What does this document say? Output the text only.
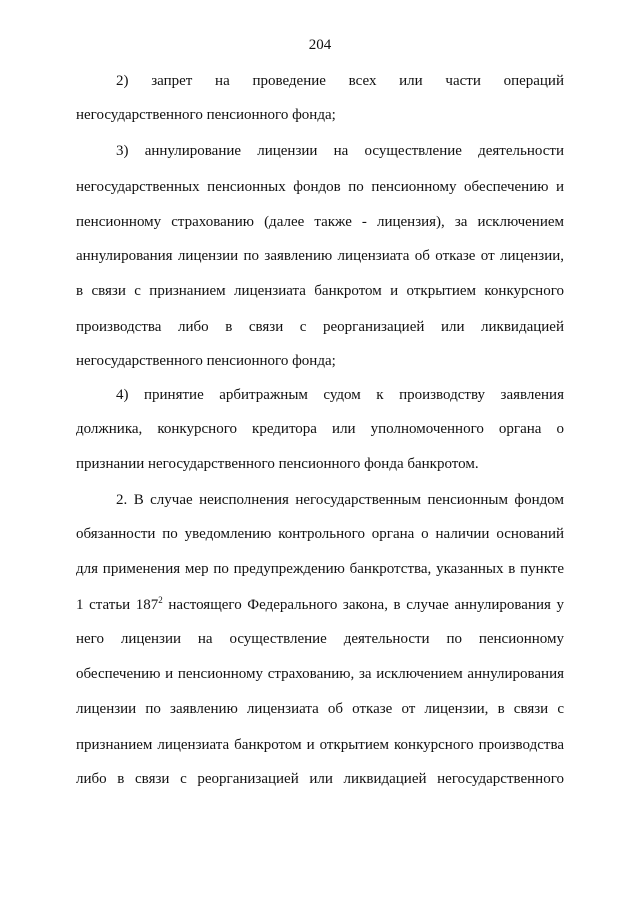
204
2) запрет на проведение всех или части операций
негосударственного пенсионного фонда;
3) аннулирование лицензии на осуществление деятельности
негосударственных пенсионных фондов по пенсионному обеспечению и
пенсионному страхованию (далее также - лицензия), за исключением
аннулирования лицензии по заявлению лицензиата об отказе от лицензии,
в связи с признанием лицензиата банкротом и открытием конкурсного
производства либо в связи с реорганизацией или ликвидацией
негосударственного пенсионного фонда;
4) принятие арбитражным судом к производству заявления
должника, конкурсного кредитора или уполномоченного органа о
признании негосударственного пенсионного фонда банкротом.
2. В случае неисполнения негосударственным пенсионным фондом
обязанности по уведомлению контрольного органа о наличии оснований
для применения мер по предупреждению банкротства, указанных в пункте
1 статьи $187^2$ настоящего Федерального закона, в случае аннулирования у
него лицензии на осуществление деятельности по пенсионному
обеспечению и пенсионному страхованию, за исключением аннулирования
лицензии по заявлению лицензиата об отказе от лицензии, в связи с
признанием лицензиата банкротом и открытием конкурсного производства
либо в связи с реорганизацией или ликвидацией негосударственного
